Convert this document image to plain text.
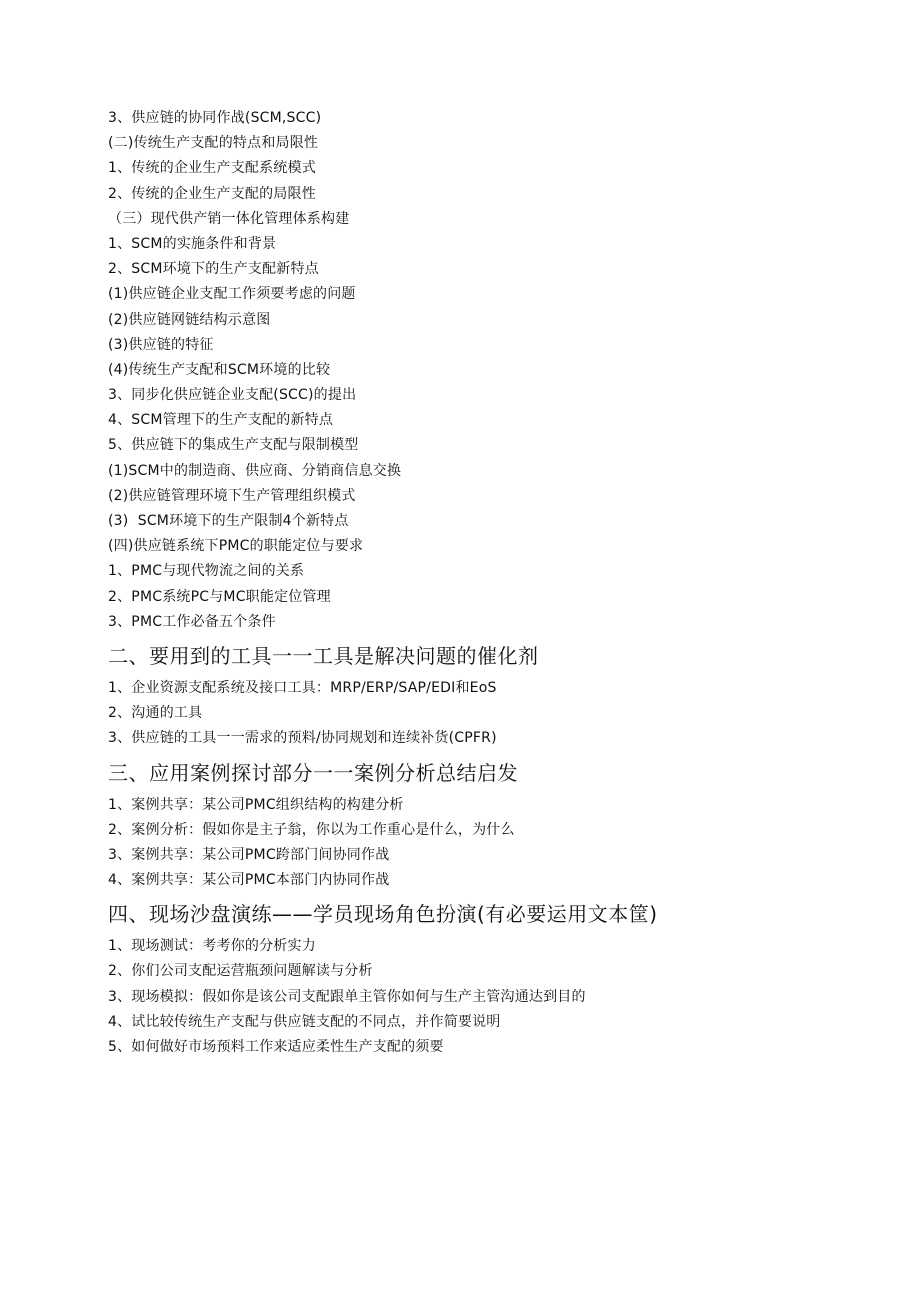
3、供应链的协同作战(SCM,SCC)
(二)传统生产支配的特点和局限性
1、传统的企业生产支配系统模式
2、传统的企业生产支配的局限性
（三）现代供产销一体化管理体系构建
1、SCM的实施条件和背景
2、SCM环境下的生产支配新特点
(1)供应链企业支配工作须要考虑的问题
(2)供应链网链结构示意图
(3)供应链的特征
(4)传统生产支配和SCM环境的比较
3、同步化供应链企业支配(SCC)的提出
4、SCM管理下的生产支配的新特点
5、供应链下的集成生产支配与限制模型
(1)SCM中的制造商、供应商、分销商信息交换
(2)供应链管理环境下生产管理组织模式
(3)  SCM环境下的生产限制4个新特点
(四)供应链系统下PMC的职能定位与要求
1、PMC与现代物流之间的关系
2、PMC系统PC与MC职能定位管理
3、PMC工作必备五个条件
二、要用到的工具一一工具是解决问题的催化剂
1、企业资源支配系统及接口工具：MRP/ERP/SAP/EDI和EoS
2、沟通的工具
3、供应链的工具一一需求的预料/协同规划和连续补货(CPFR)
三、应用案例探讨部分一一案例分析总结启发
1、案例共享：某公司PMC组织结构的构建分析
2、案例分析：假如你是主子翁，你以为工作重心是什么，为什么
3、案例共享：某公司PMC跨部门间协同作战
4、案例共享：某公司PMC本部门内协同作战
四、现场沙盘演练——学员现场角色扮演(有必要运用文本筐)
1、现场测试：考考你的分析实力
2、你们公司支配运营瓶颈问题解读与分析
3、现场模拟：假如你是该公司支配跟单主管你如何与生产主管沟通达到目的
4、试比较传统生产支配与供应链支配的不同点，并作简要说明
5、如何做好市场预料工作来适应柔性生产支配的须要
